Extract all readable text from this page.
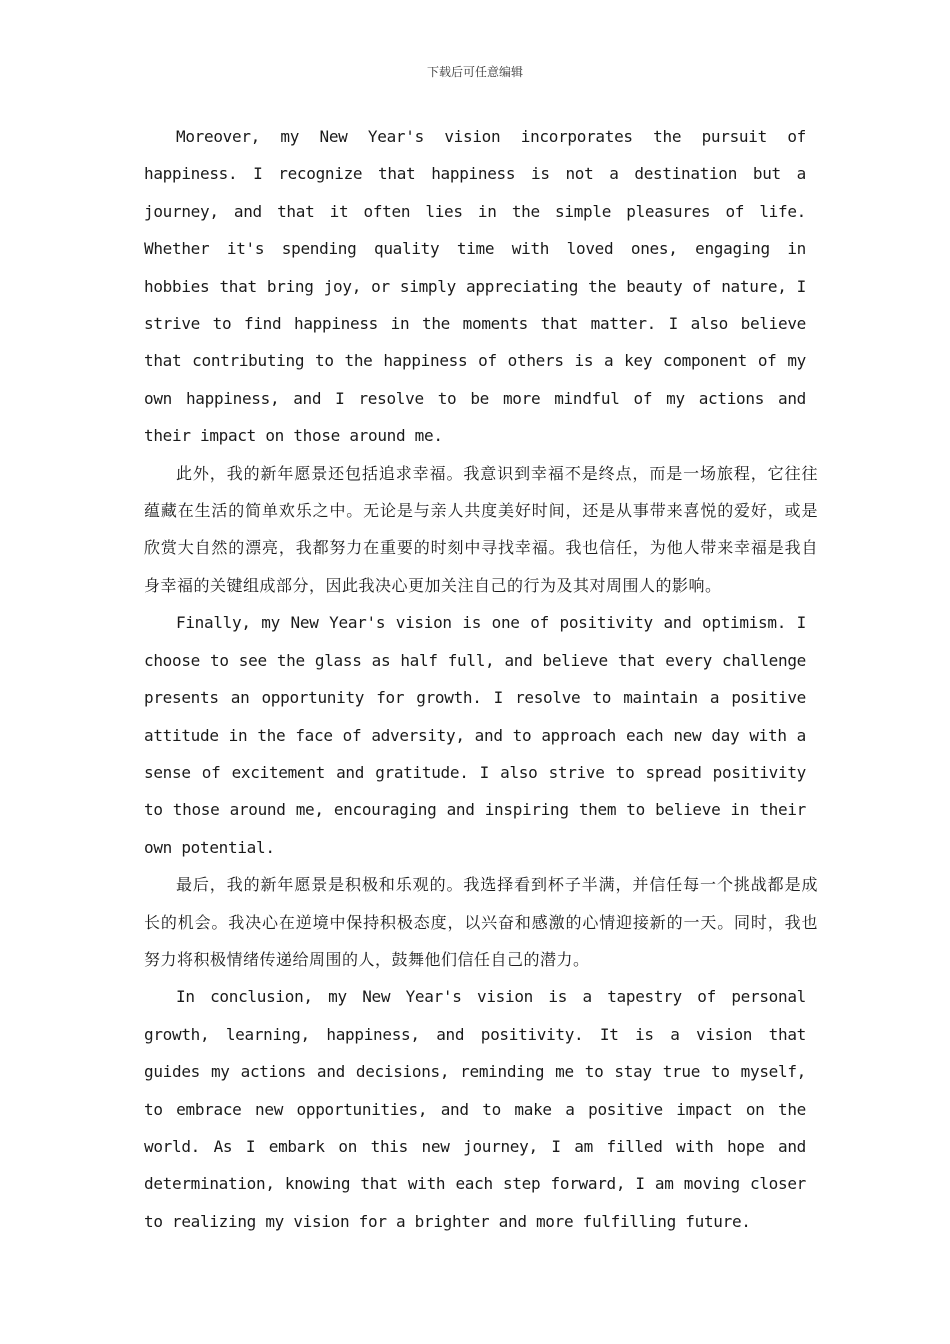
下载后可任意编辑

Moreover, my New Year's vision incorporates the pursuit of happiness. I recognize that happiness is not a destination but a journey, and that it often lies in the simple pleasures of life. Whether it's spending quality time with loved ones, engaging in hobbies that bring joy, or simply appreciating the beauty of nature, I strive to find happiness in the moments that matter. I also believe that contributing to the happiness of others is a key component of my own happiness, and I resolve to be more mindful of my actions and their impact on those around me.

此外，我的新年愿景还包括追求幸福。我意识到幸福不是终点，而是一场旅程，它往往蕴藏在生活的简单欢乐之中。无论是与亲人共度美好时间，还是从事带来喜悦的爱好，或是欣赏大自然的漂亮，我都努力在重要的时刻中寻找幸福。我也信任，为他人带来幸福是我自身幸福的关键组成部分，因此我决心更加关注自己的行为及其对周围人的影响。

Finally, my New Year's vision is one of positivity and optimism. I choose to see the glass as half full, and believe that every challenge presents an opportunity for growth. I resolve to maintain a positive attitude in the face of adversity, and to approach each new day with a sense of excitement and gratitude. I also strive to spread positivity to those around me, encouraging and inspiring them to believe in their own potential.

最后，我的新年愿景是积极和乐观的。我选择看到杯子半满，并信任每一个挑战都是成长的机会。我决心在逆境中保持积极态度，以兴奋和感激的心情迎接新的一天。同时，我也努力将积极情绪传递给周围的人，鼓舞他们信任自己的潜力。

In conclusion, my New Year's vision is a tapestry of personal growth, learning, happiness, and positivity. It is a vision that guides my actions and decisions, reminding me to stay true to myself, to embrace new opportunities, and to make a positive impact on the world. As I embark on this new journey, I am filled with hope and determination, knowing that with each step forward, I am moving closer to realizing my vision for a brighter and more fulfilling future.
